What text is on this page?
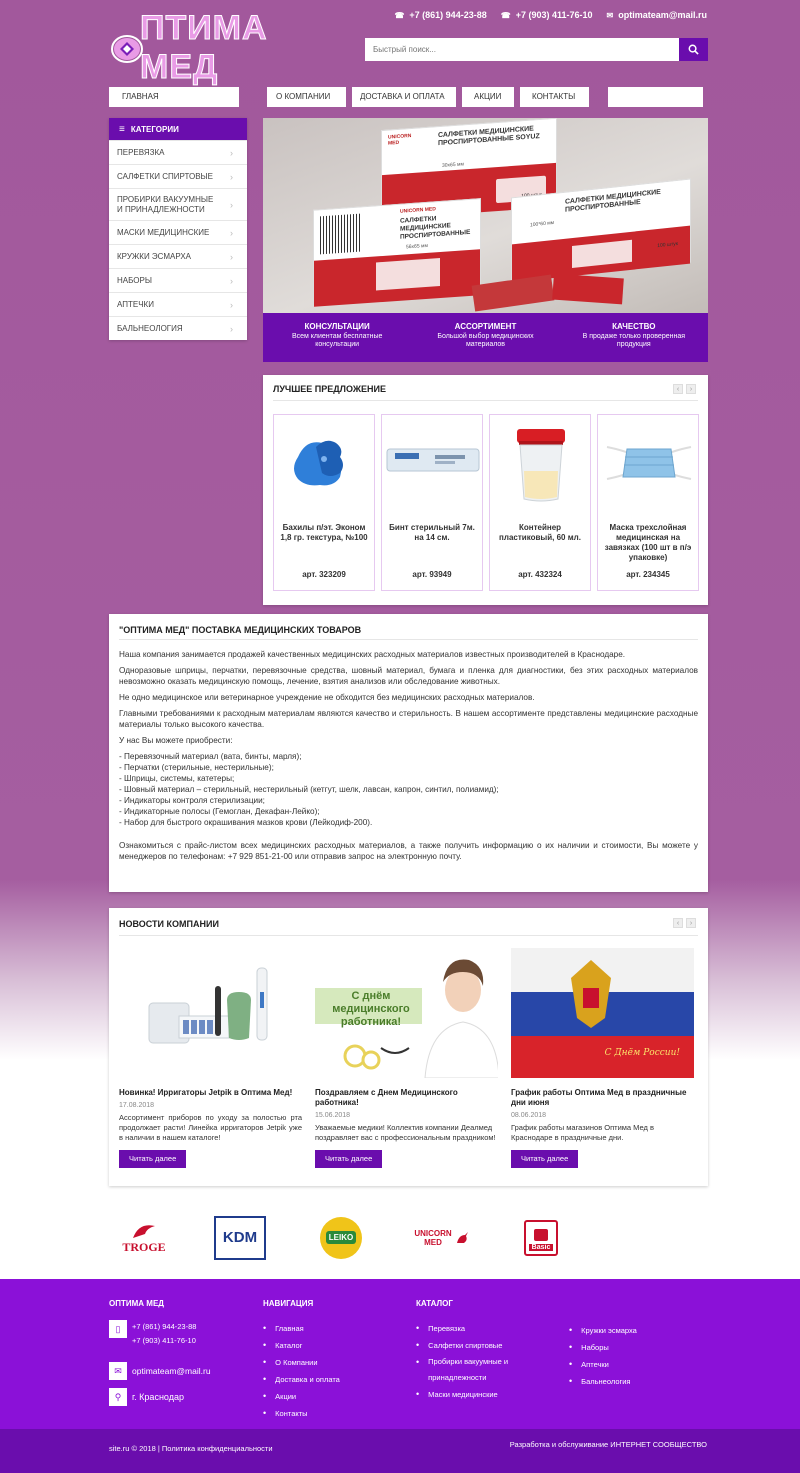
☎ +7 (861) 944-23-88 ☎ +7 (903) 411-76-10 ✉ optimateam@mail.ru
ПТИМА МЕД
Быстрый поиск...
ГЛАВНАЯ	О КОМПАНИИ	ДОСТАВКА И ОПЛАТА	АКЦИИ	КОНТАКТЫ
≡ КАТЕГОРИИ
ПЕРЕВЯЗКА	›
САЛФЕТКИ СПИРТОВЫЕ ›
ПРОБИРКИ ВАКУУМНЫЕ И ПРИНАДЛЕЖНОСТИ	›
МАСКИ МЕДИЦИНСКИЕ ›
КРУЖКИ ЭСМАРХА	›
НАБОРЫ	›
АПТЕЧКИ	›
БАЛЬНЕОЛОГИЯ	›
UNICORN MED
САЛФЕТКИ МЕДИЦИНСКИЕ ПРОСПИРТОВАННЫЕ SOYUZ
30x65 мм
САЛФЕТКИ МЕДИЦИНСКИЕ ПРОСПИРТОВАННЫЕ
100*60 мм
100 штук
UNICORN MED
САЛФЕТКИ МЕДИЦИНСКИЕ ПРОСПИРТОВАННЫЕ
56x65 мм
КОНСУЛЬТАЦИИ
Всем клиентам бесплатные консультации
АССОРТИМЕНТ
Большой выбор медицинских материалов
КАЧЕСТВО
В продаже только проверенная продукция
ЛУЧШЕЕ ПРЕДЛОЖЕНИЕ	‹	›
Бахилы п/эт. Эконом 1,8 гр. текстура, №100
арт. 323209
Бинт стерильный 7м. на 14 см.
арт. 93949
Контейнер пластиковый, 60 мл.
арт. 432324
Маска трехслойная медицинская на завязках (100 шт в п/э упаковке)
арт. 234345
"ОПТИМА МЕД" ПОСТАВКА МЕДИЦИНСКИХ ТОВАРОВ

Наша компания занимается продажей качественных медицинских расходных материалов известных производителей в Краснодаре.

Одноразовые шприцы, перчатки, перевязочные средства, шовный материал, бумага и пленка для диагностики, без этих расходных материалов невозможно оказать медицинскую помощь, лечение, взятия анализов или обследование животных.

Не одно медицинское или ветеринарное учреждение не обходится без медицинских расходных материалов.

Главными требованиями к расходным материалам являются качество и стерильность. В нашем ассортименте представлены медицинские расходные материалы только высокого качества.

У нас Вы можете приобрести:

- Перевязочный материал (вата, бинты, марля);

- Перчатки (стерильные, нестерильные);

- Шприцы, системы, катетеры;

- Шовный материал – стерильный, нестерильный (кетгут, шелк, лавсан, капрон, синтил, полиамид);

- Индикаторы контроля стерилизации;

- Индикаторные полосы (Гемоглан, Декафан-Лейко);

- Набор для быстрого окрашивания мазков крови (Лейкодиф-200).

Ознакомиться с прайс-листом всех медицинских расходных материалов, а также получить информацию о их наличии и стоимости, Вы можете у менеджеров по телефонам: +7 929 851-21-00 или отправив запрос на электронную почту.

НОВОСТИ КОМПАНИИ	‹	›
Новинка! Ирригаторы Jetpik в Оптима Мед!
17.08.2018
Ассортимент приборов по уходу за полостью рта продолжает расти! Линейка ирригаторов Jetpik уже в наличии в нашем каталоге!
Читать далее
С днём медицинского работника!
Поздравляем с Днем Медицинского работника!
15.06.2018
Уважаемые медики! Коллектив компании Деалмед поздравляет вас с профессиональным праздником!
Читать далее
С Днём России!
График работы Оптима Мед в праздничные дни июня
08.06.2018
График работы магазинов Оптима Мед в Краснодаре в праздничные дни.
Читать далее
TROGE
KDM	LEIKO	UNICORN MED
Basic
ОПТИМА МЕД
▯	+7 (861) 944-23-88
+7 (903) 411-76-10
✉	optimateam@mail.ru
⚲	г. Краснодар
НАВИГАЦИЯ
• Главная
• Каталог
• О Компании
• Доставка и оплата
• Акции
• Контакты
КАТАЛОГ
• Перевязка
• Салфетки спиртовые
• Пробирки вакуумные и принадлежности
• Маски медицинские
• Кружки эсмарха
• Наборы
• Аптечки
• Бальнеология
site.ru © 2018 | Политика конфиденциальности	Разработка и обслуживание ИНТЕРНЕТ СООБЩЕСТВО
